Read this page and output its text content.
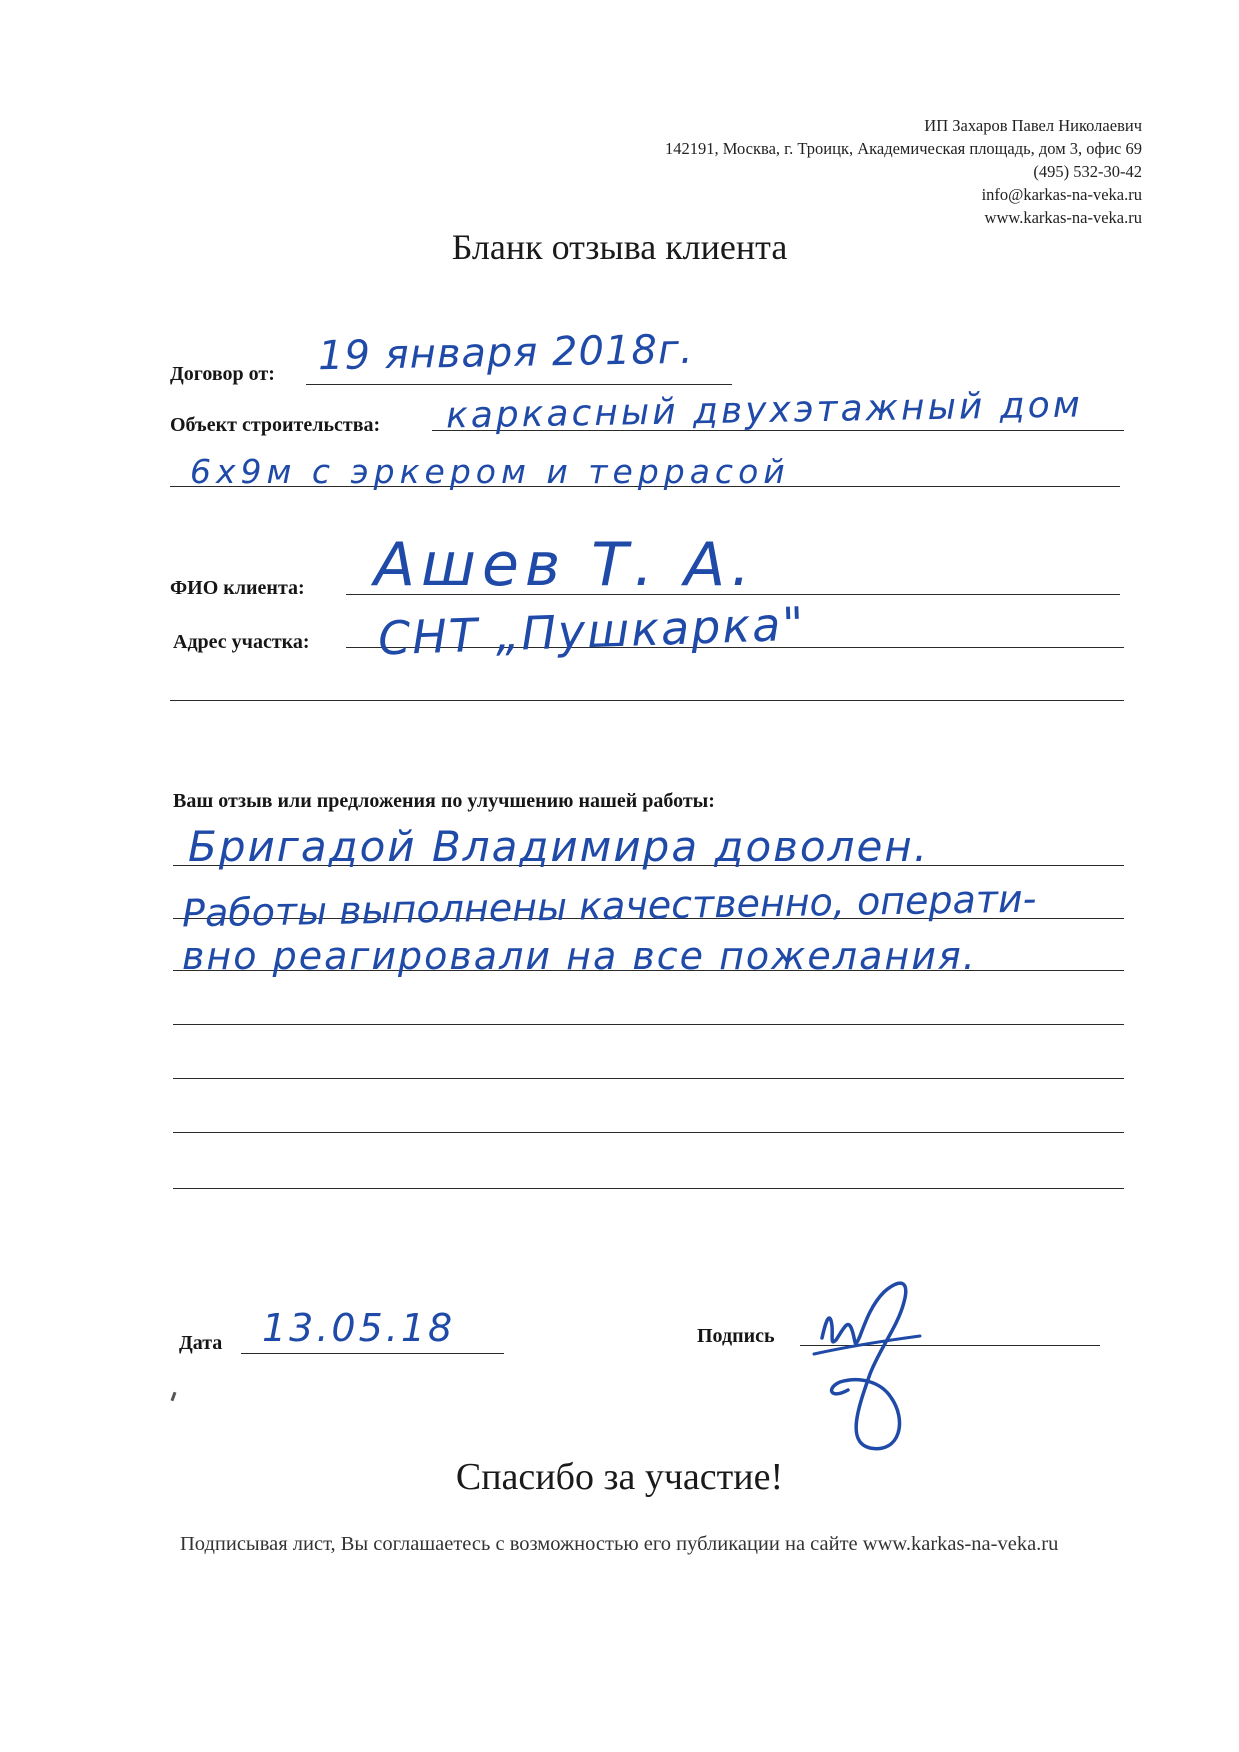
ИП Захаров Павел Николаевич
142191, Москва, г. Троицк, Академическая площадь, дом 3, офис 69
(495) 532-30-42
info@karkas-na-veka.ru
www.karkas-na-veka.ru
Бланк отзыва клиента
Договор от: 19 января 2018г.
Объект строительства: каркасный двухэтажный дом
6х9м с эркером и террасой
ФИО клиента: Ашев Т. А.
Адрес участка: СНТ „Пушкарка"
Ваш отзыв или предложения по улучшению нашей работы:
Бригадой Владимира доволен.
Работы выполнены качественно, операти-
вно реагировали на все пожелания.
Дата 13.05.18	Подпись
Спасибо за участие!
Подписывая лист, Вы соглашаетесь с возможностью его публикации на сайте www.karkas-na-veka.ru
